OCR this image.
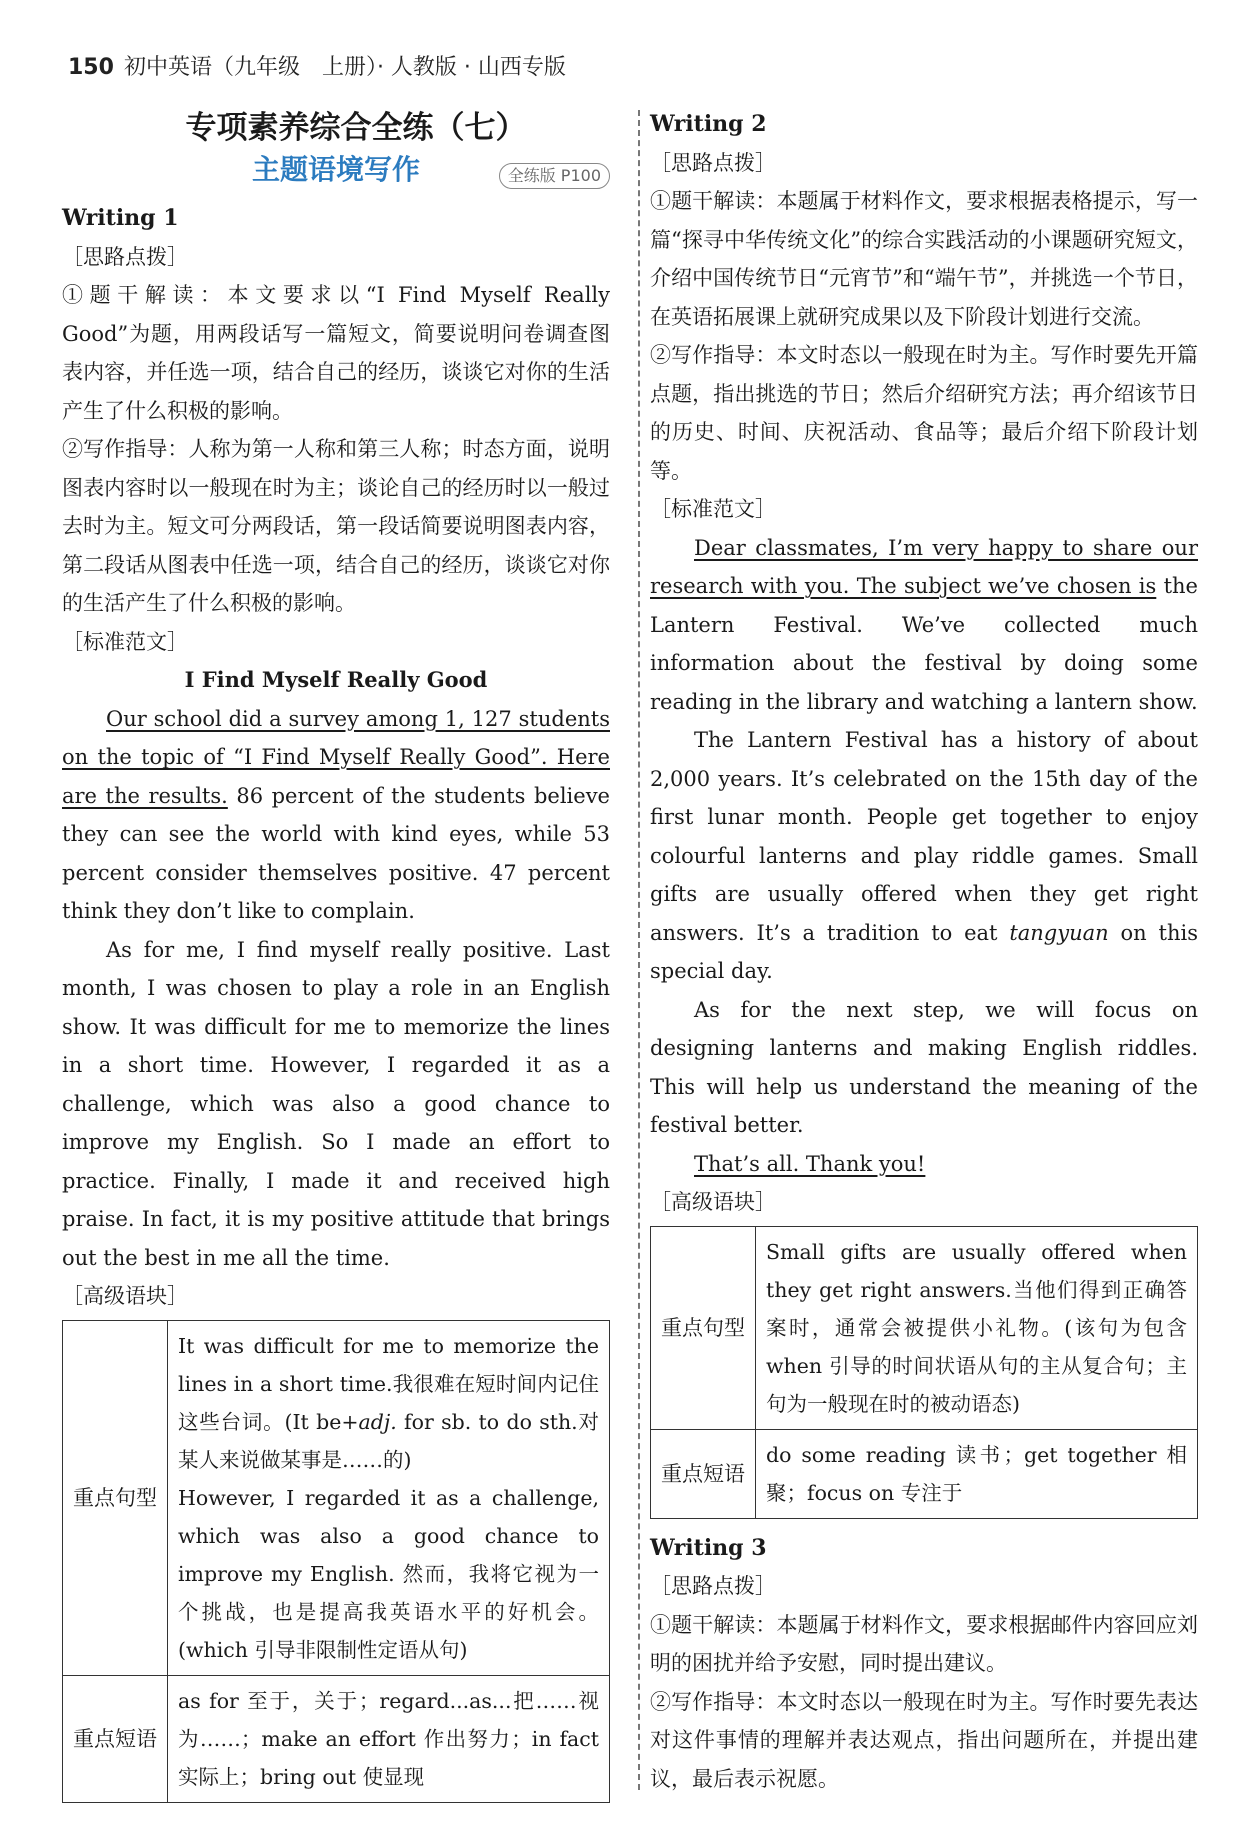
150 初中英语（九年级　上册）· 人教版 · 山西专版
专项素养综合全练（七）
主题语境写作	全练版 P100
Writing 1
［思路点拨］

①题干解读：本文要求以“I Find Myself Really Good”为题，用两段话写一篇短文，简要说明问卷调查图表内容，并任选一项，结合自己的经历，谈谈它对你的生活产生了什么积极的影响。

②写作指导：人称为第一人称和第三人称；时态方面，说明图表内容时以一般现在时为主；谈论自己的经历时以一般过去时为主。短文可分两段话，第一段话简要说明图表内容，第二段话从图表中任选一项，结合自己的经历，谈谈它对你的生活产生了什么积极的影响。

［标准范文］

I Find Myself Really Good

Our school did a survey among 1, 127 students on the topic of “I Find Myself Really Good”. Here are the results. 86 percent of the students believe they can see the world with kind eyes, while 53 percent consider themselves positive. 47 percent think they don’t like to complain.

As for me, I find myself really positive. Last month, I was chosen to play a role in an English show. It was difficult for me to memorize the lines in a short time. However, I regarded it as a challenge, which was also a good chance to improve my English. So I made an effort to practice. Finally, I made it and received high praise. In fact, it is my positive attitude that brings out the best in me all the time.

［高级语块］
重点句型	It was difficult for me to memorize the lines in a short time.我很难在短时间内记住这些台词。(It be+adj. for sb. to do sth.对某人来说做某事是……的)
However, I regarded it as a challenge, which was also a good chance to improve my English. 然而，我将它视为一个挑战，也是提高我英语水平的好机会。(which 引导非限制性定语从句)

重点短语	as for 至于，关于；regard...as...把……视为……；make an effort 作出努力；in fact 实际上；bring out 使显现
Writing 2
［思路点拨］

①题干解读：本题属于材料作文，要求根据表格提示，写一篇“探寻中华传统文化”的综合实践活动的小课题研究短文，介绍中国传统节日“元宵节”和“端午节”，并挑选一个节日，在英语拓展课上就研究成果以及下阶段计划进行交流。

②写作指导：本文时态以一般现在时为主。写作时要先开篇点题，指出挑选的节日；然后介绍研究方法；再介绍该节日的历史、时间、庆祝活动、食品等；最后介绍下阶段计划等。

［标准范文］

Dear classmates, I’m very happy to share our research with you. The subject we’ve chosen is the Lantern Festival. We’ve collected much information about the festival by doing some reading in the library and watching a lantern show.

The Lantern Festival has a history of about 2,000 years. It’s celebrated on the 15th day of the first lunar month. People get together to enjoy colourful lanterns and play riddle games. Small gifts are usually offered when they get right answers. It’s a tradition to eat tangyuan on this special day.

As for the next step, we will focus on designing lanterns and making English riddles. This will help us understand the meaning of the festival better.

That’s all. Thank you!

［高级语块］
重点句型	Small gifts are usually offered when they get right answers.当他们得到正确答案时，通常会被提供小礼物。(该句为包含 when 引导的时间状语从句的主从复合句；主句为一般现在时的被动语态)
重点短语	do some reading 读书；get together 相聚；focus on 专注于
Writing 3
［思路点拨］

①题干解读：本题属于材料作文，要求根据邮件内容回应刘明的困扰并给予安慰，同时提出建议。

②写作指导：本文时态以一般现在时为主。写作时要先表达对这件事情的理解并表达观点，指出问题所在，并提出建议，最后表示祝愿。
